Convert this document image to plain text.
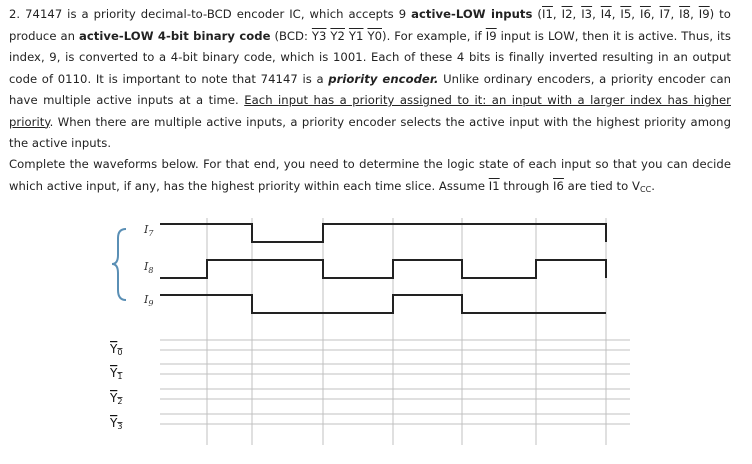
2. 74147 is a priority decimal-to-BCD encoder IC, which accepts 9 active-LOW inputs (I1, I2, I3, I4, I5, I6, I7, I8, I9) to produce an active-LOW 4-bit binary code (BCD: Y3 Y2 Y1 Y0). For example, if I9 input is LOW, then it is active. Thus, its index, 9, is converted to a 4-bit binary code, which is 1001. Each of these 4 bits is finally inverted resulting in an output code of 0110. It is important to note that 74147 is a priority encoder. Unlike ordinary encoders, a priority encoder can have multiple active inputs at a time. Each input has a priority assigned to it: an input with a larger index has higher priority. When there are multiple active inputs, a priority encoder selects the active input with the highest priority among the active inputs.
Complete the waveforms below. For that end, you need to determine the logic state of each input so that you can decide which active input, if any, has the highest priority within each time slice. Assume I1 through I6 are tied to $V_{CC}$.
$I_7$
$I_8$
$I_9$
Y0
Y1
Y2
Y3
